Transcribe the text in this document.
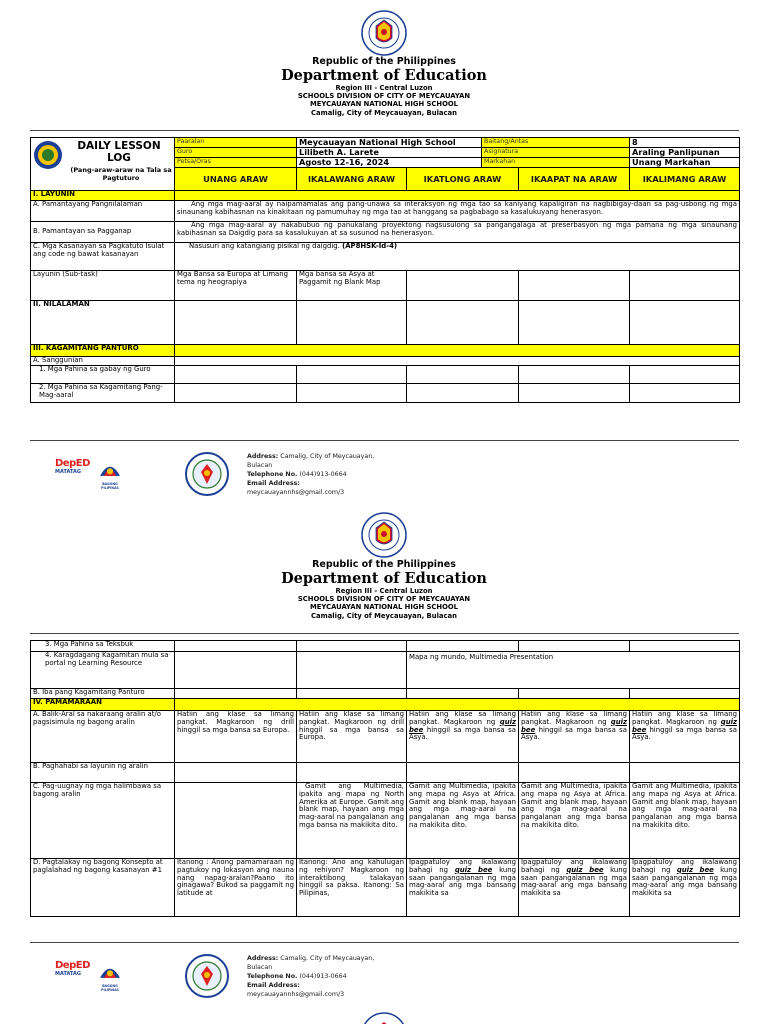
Republic of the Philippines
Department of Education
Region III - Central Luzon
SCHOOLS DIVISION OF CITY OF MEYCAUAYAN
MEYCAUAYAN NATIONAL HIGH SCHOOL
Camalig, City of Meycauayan, Bulacan
DAILY LESSON
LOG
(Pang-araw-araw na Tala sa Pagtuturo	Paaralan	Meycauayan National High School		Baitang/Antas		8
	Guro	Lilibeth A. Larete		Asignatura		Araling Panlipunan
	Petsa/Oras	Agosto 12-16, 2024		Markahan		Unang Markahan
	UNANG ARAW	IKALAWANG ARAW	IKATLONG ARAW		IKAAPAT NA ARAW	IKALIMANG ARAW
I. LAYUNIN						
A. Pamantayang Pangnilalaman	Ang mga mag-aaral ay naipamamalas ang pang-unawa sa interaksyon ng mga tao sa kaniyang kapaligiran na nagbibigay-daan sa pag-usbong ng mga sinaunang kabihasnan na kinakitaan ng pamumuhay ng mga tao at hanggang sa pagbabago sa kasalukuyang henerasyon.					
B. Pamantayan sa Pagganap	Ang mga mag-aaral ay nakabubuo ng panukalang proyektong nagsusulong sa pangangalaga at preserbasyon ng mga pamana ng mga sinaunang kabihasnan sa Daigdig para sa kasalukuyan at sa susunod na henerasyon.					
C. Mga Kasanayan sa Pagkatuto Isulat ang code ng bawat kasanayan	Nasusuri ang katangiang pisikal ng daigdig. (AP8HSK-Id-4)					
Layunin (Sub-task)	Mga Bansa sa Europa at Limang tema ng heograpiya	Mga bansa sa Asya at Paggamit ng Blank Map				
II. NILALAMAN						
III. KAGAMITANG PANTURO						
A. Sanggunian						
1. Mga Pahina sa gabay ng Guro						
2. Mga Pahina sa Kagamitang Pang- Mag-aaral						
DepED
MATATAG
BAGONG PILIPINAS
Address: Camalig, City of Meycauayan, Bulacan
Telephone No. (044)913-0664
Email Address:
meycauayannhs@gmail.com/3
Republic of the Philippines
Department of Education
Region III - Central Luzon
SCHOOLS DIVISION OF CITY OF MEYCAUAYAN
MEYCAUAYAN NATIONAL HIGH SCHOOL
Camalig, City of Meycauayan, Bulacan
3. Mga Pahina sa Teksbuk					
4. Karagdagang Kagamitan mula sa portal ng Learning Resource			Mapa ng mundo, Multimedia Presentation		
B. Iba pang Kagamitang Panturo					
IV. PAMAMARAAN					
A. Balik-Aral sa nakaraang aralin at/o pagsisimula ng bagong aralin	Hatiin ang klase sa limang pangkat. Magkaroon ng drill hinggil sa mga bansa sa Europa.	Hatiin ang klase sa limang pangkat. Magkaroon ng drill hinggil sa mga bansa sa Europa.	Hatiin ang klase sa limang pangkat. Magkaroon ng quiz bee hinggil sa mga bansa sa Asya.	Hatiin ang klase sa limang pangkat. Magkaroon ng quiz bee hinggil sa mga bansa sa Asya.	Hatiin ang klase sa limang pangkat. Magkaroon ng quiz bee hinggil sa mga bansa sa Asya.
B. Paghahabi sa layunin ng aralin					
C. Pag-uugnay ng mga halimbawa sa bagong aralin		Gamit ang Multimedia, ipakita ang mapa ng North Amerika at Europe. Gamit ang blank map, hayaan ang mga mag-aaral na pangalanan ang mga bansa na makikita dito.	Gamit ang Multimedia, ipakita ang mapa ng Asya at Africa. Gamit ang blank map, hayaan ang mga mag-aaral na pangalanan ang mga bansa na makikita dito.	Gamit ang Multimedia, ipakita ang mapa ng Asya at Africa. Gamit ang blank map, hayaan ang mga mag-aaral na pangalanan ang mga bansa na makikita dito.	Gamit ang Multimedia, ipakita ang mapa ng Asya at Africa. Gamit ang blank map, hayaan ang mga mag-aaral na pangalanan ang mga bansa na makikita dito.
D. Pagtalakay ng bagong Konsepto at paglalahad ng bagong kasanayan #1	Itanong : Anong pamamaraan ng pagtukoy ng lokasyon ang nauna nang napag-aralan?Paano ito ginagawa? Bukod sa paggamit ng latitude at	Itanong: Ano ang kahulugan ng rehiyon? Magkaroon ng interaktibong talakayan hinggil sa paksa. Itanong: Sa Pilipinas,	Ipagpatuloy ang ikalawang bahagi ng quiz bee kung saan pangangalanan ng mga mag-aaral ang mga bansang makikita sa	Ipagpatuloy ang ikalawang bahagi ng quiz bee kung saan pangangalanan ng mga mag-aaral ang mga bansang makikita sa	Ipagpatuloy ang ikalawang bahagi ng quiz bee kung saan pangangalanan ng mga mag-aaral ang mga bansang makikita sa
DepED
MATATAG
BAGONG PILIPINAS
Address: Camalig, City of Meycauayan, Bulacan
Telephone No. (044)913-0664
Email Address:
meycauayannhs@gmail.com/3
